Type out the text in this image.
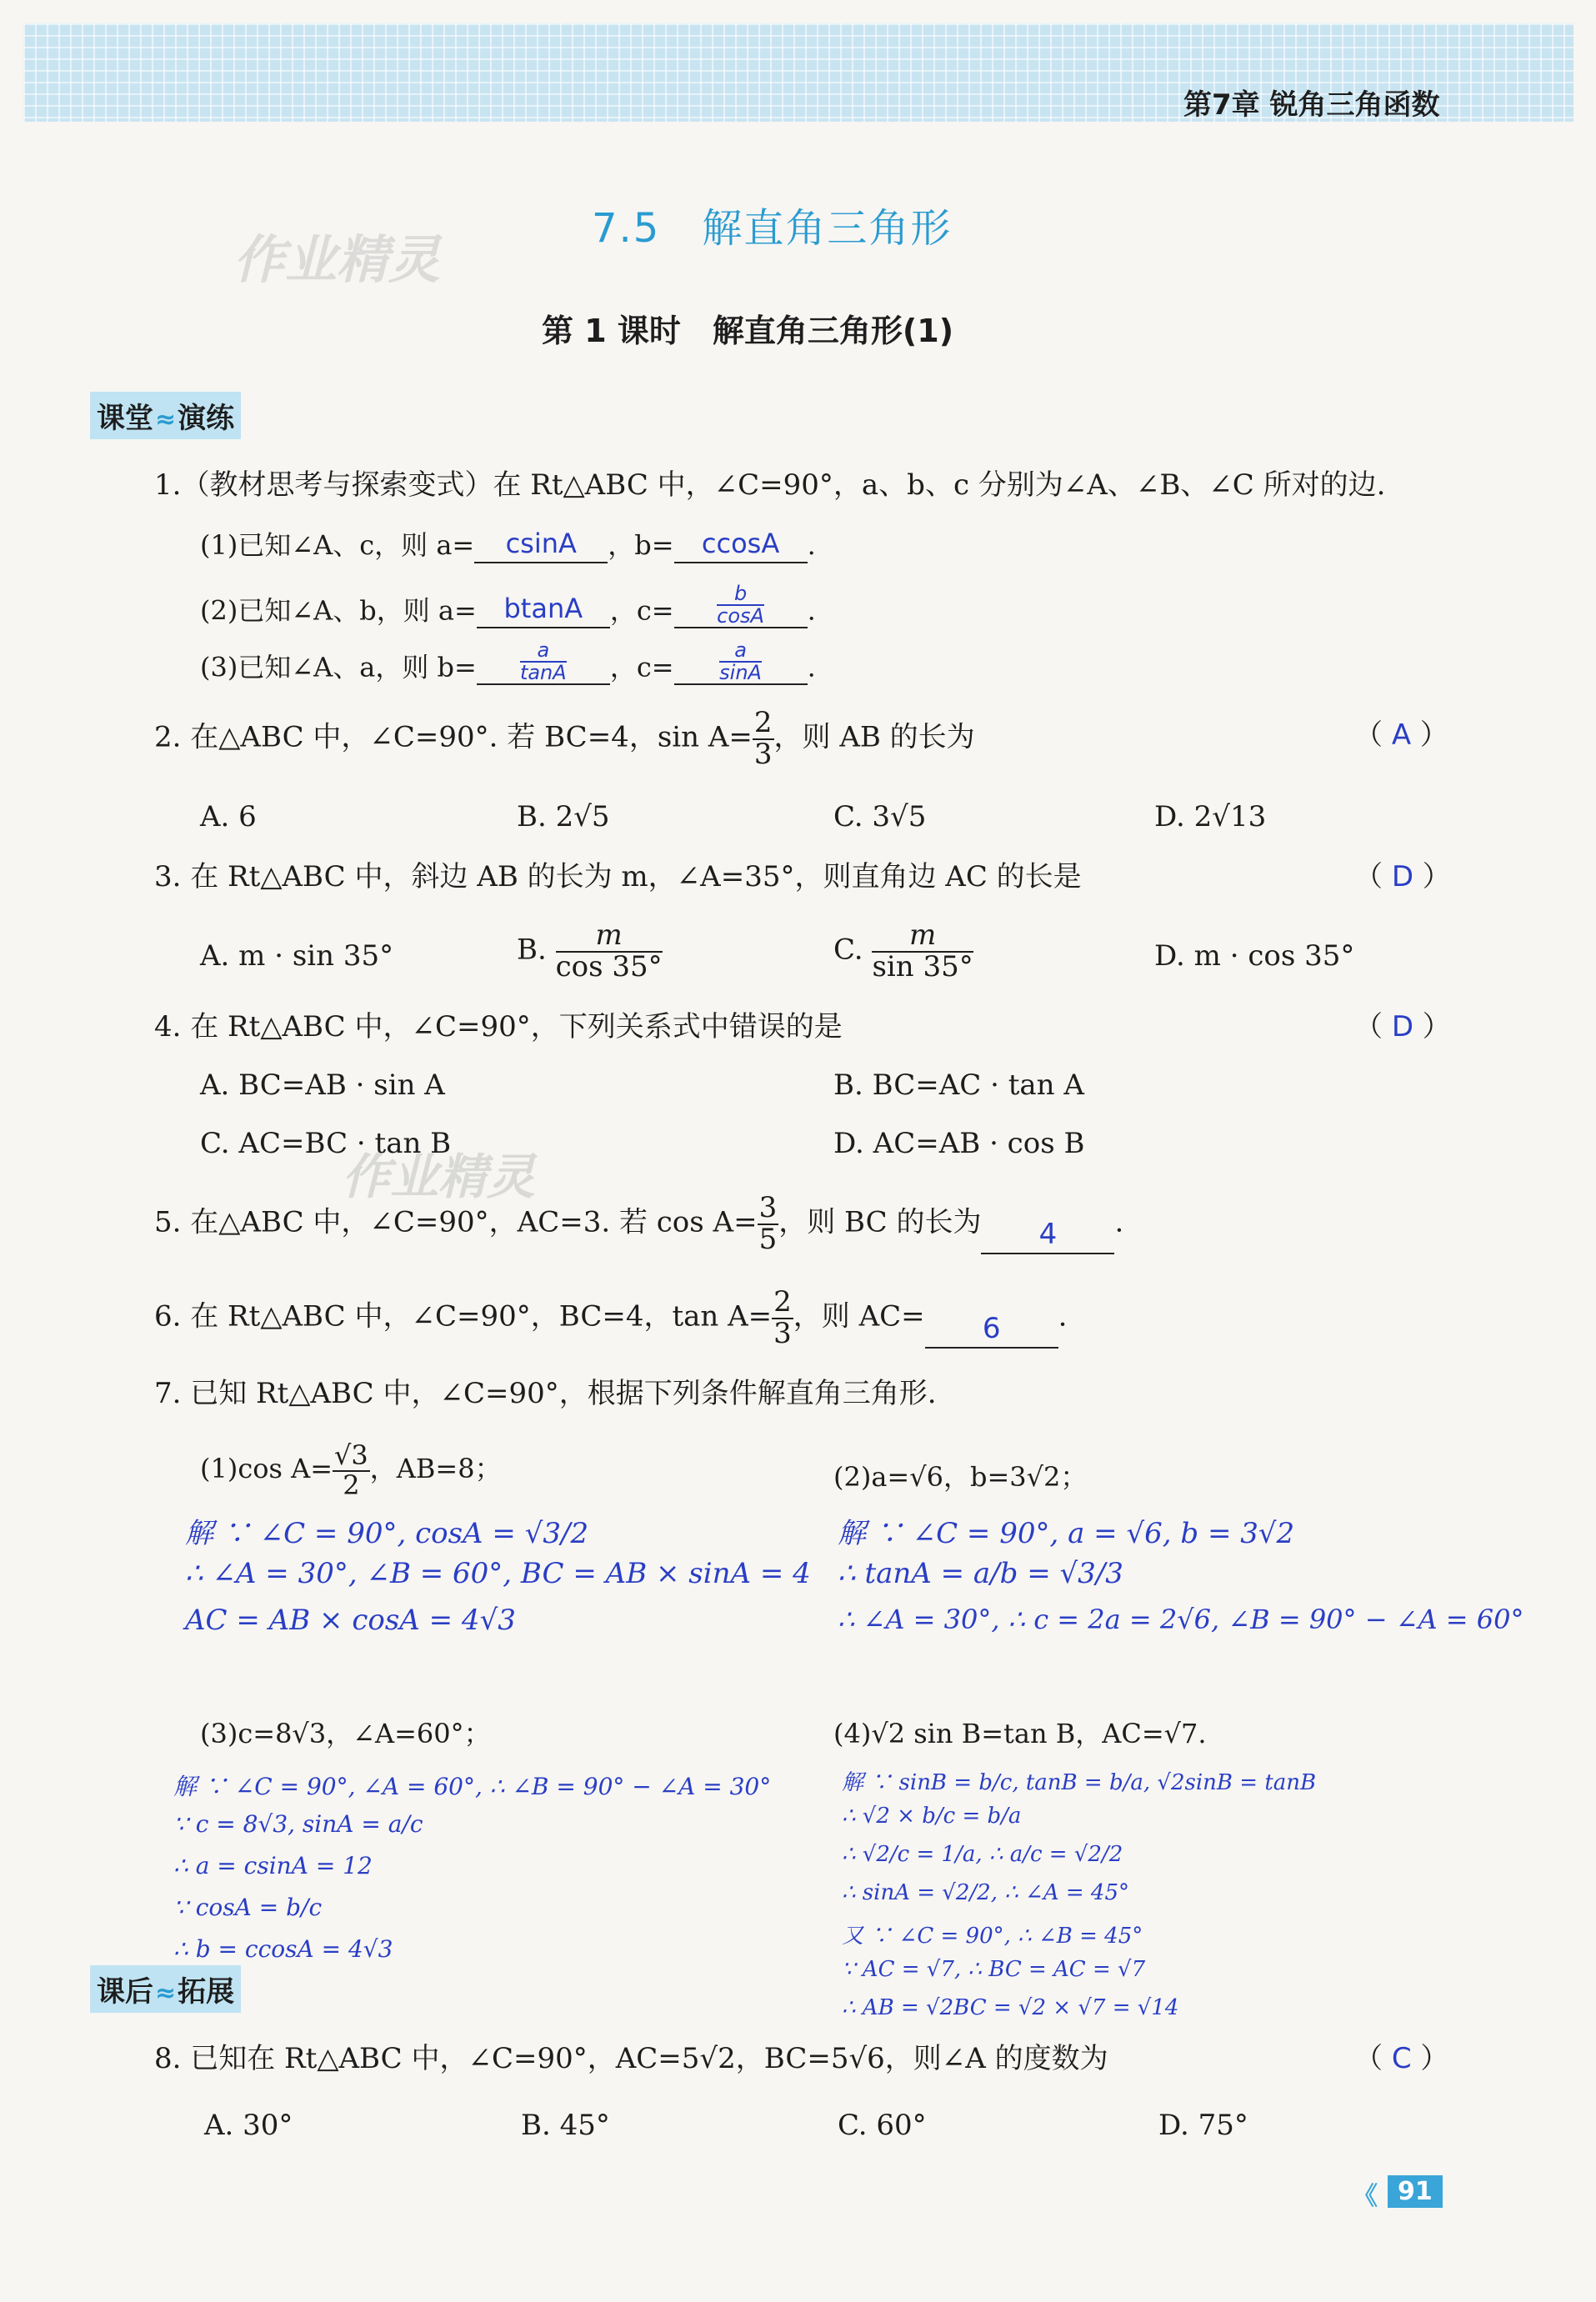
第7章 锐角三角函数
作业精灵
7.5　解直角三角形
第 1 课时　解直角三角形(1)
课堂≈演练
1.（教材思考与探索变式）在 Rt△ABC 中，∠C=90°，a、b、c 分别为∠A、∠B、∠C 所对的边.
(1)已知∠A、c，则 a= csinA ，b= ccosA .
(2)已知∠A、b，则 a= btanA ，$c= \frac{b}{\cos A}$ .
(3)已知∠A、a，则 $b= \frac{a}{\tan A}$ ，$c= \frac{a}{\sin A}$ .
2. 在△ABC 中，∠C=90°. 若 BC=4，$\sin A= \frac{2}{3}$ ，则 AB 的长为	（ A ）
A. 6	B. 2√5	C. 3√5	D. 2√13
3. 在 Rt△ABC 中，斜边 AB 的长为 m，∠A=35°，则直角边 AC 的长是	（ D ）
A. m · sin 35°	B. $\frac{m}{\cos 35^\circ}$	C. $\frac{m}{\sin 35^\circ}$	D. m · cos 35°
4. 在 Rt△ABC 中，∠C=90°，下列关系式中错误的是	（ D ）
A. BC=AB · sin A	B. BC=AC · tan A
C. AC=BC · tan B	D. AC=AB · cos B
作业精灵
5. 在△ABC 中，∠C=90°，AC=3. 若 $\cos A= \frac{3}{5}$ ，则 BC 的长为 4 .
6. 在 Rt△ABC 中，∠C=90°，BC=4，$\tan A= \frac{2}{3}$ ，则 AC= 6 .
7. 已知 Rt△ABC 中，∠C=90°，根据下列条件解直角三角形.
(1)cos $A= \frac{√3}{2}$ ，AB=8；
解 ∵ ∠C = 90°, cosA = √3/2
∴ ∠A = 30°, ∠B = 60°, BC = AB × sinA = 4
AC = AB × cosA = 4√3
(2)a=√6，b=3√2；
解 ∵ ∠C = 90°, a = √6, b = 3√2
∴ tanA = a/b = √3/3
∴ ∠A = 30°, ∴ c = 2a = 2√6, ∠B = 90° − ∠A = 60°
(3)c=8√3，∠A=60°；
解 ∵ ∠C = 90°, ∠A = 60°, ∴ ∠B = 90° − ∠A = 30°
∵ c = 8√3, sinA = a/c
∴ a = csinA = 12
∵ cosA = b/c
∴ b = ccosA = 4√3
(4)√2 sin B=tan B，AC=√7.
解 ∵ sinB = b/c, tanB = b/a, √2sinB = tanB
∴ √2 × b/c = b/a
∴ √2/c = 1/a, ∴ a/c = √2/2
∴ sinA = √2/2, ∴ ∠A = 45°
又 ∵ ∠C = 90°, ∴ ∠B = 45°
∵ AC = √7, ∴ BC = AC = √7
∴ AB = √2BC = √2 × √7 = √14
课后≈拓展
8. 已知在 Rt△ABC 中，∠C=90°，AC=5√2，BC=5√6，则∠A 的度数为	（ C ）
A. 30°	B. 45°	C. 60°	D. 75°
《 91
